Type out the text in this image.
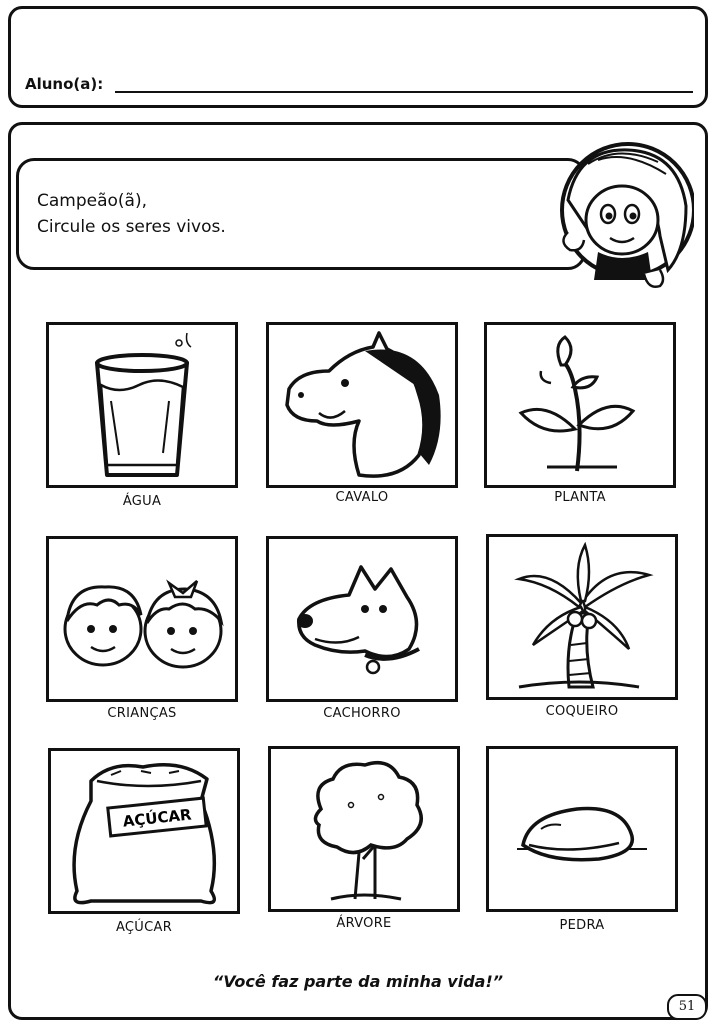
Aluno(a):
Campeão(ã),
Circule os seres vivos.
ÁGUA	CAVALO	PLANTA
CRIANÇAS	CACHORRO	COQUEIRO
AÇÚCAR
AÇÚCAR	ÁRVORE	PEDRA
“Você faz parte da minha vida!”
51
